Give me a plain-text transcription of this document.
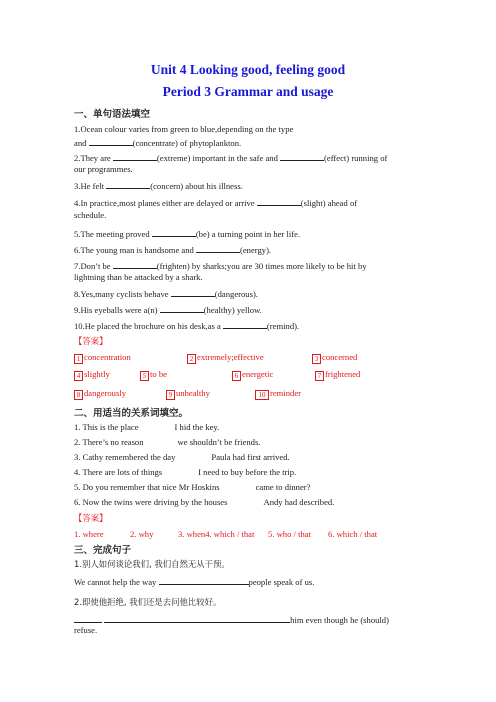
Unit 4 Looking good, feeling good
Period 3 Grammar and usage
一、单句语法填空
1.Ocean colour varies from green to blue,depending on the type
and	(concentrate) of phytoplankton.
2.They are	(extreme) important in the safe and	(effect) running of
our programmes.
3.He felt	(concern) about his illness.
4.In practice,most planes either are delayed or arrive	(slight) ahead of
schedule.
5.The meeting proved	(be) a turning point in her life.
6.The young man is handsome and	(energy).
7.Don’t be	(frighten) by sharks;you are 30 times more likely to be hit by
lightning than be attacked by a shark.
8.Yes,many cyclists behave	(dangerous).
9.His eyeballs were a(n)	(healthy) yellow.
10.He placed the brochure on his desk,as a	(remind).
【答案】
1 concentration	2 extremely;effective	3 concerned
4 slightly	5 to be	6 energetic	7 frightened
8 dangerously	9 unhealthy	10 reminder
二、用适当的关系词填空。
1. This is the place	I hid the key.
2. There’s no reason	we shouldn’t be friends.
3. Cathy remembered the day	Paula had first arrived.
4. There are lots of things	I need to buy before the trip.
5. Do you remember that nice Mr Hoskins	came to dinner?
6. Now the twins were driving by the houses	Andy had described.
【答案】
1. where	2. why	3. when4. which / that 5. who / that 6. which / that
三、完成句子
1.别人如何谈论我们, 我们自然无从干预。
We cannot help the way	people speak of us.
2.即使他拒绝, 我们还是去问他比较好。
him even though he (should)
refuse.
